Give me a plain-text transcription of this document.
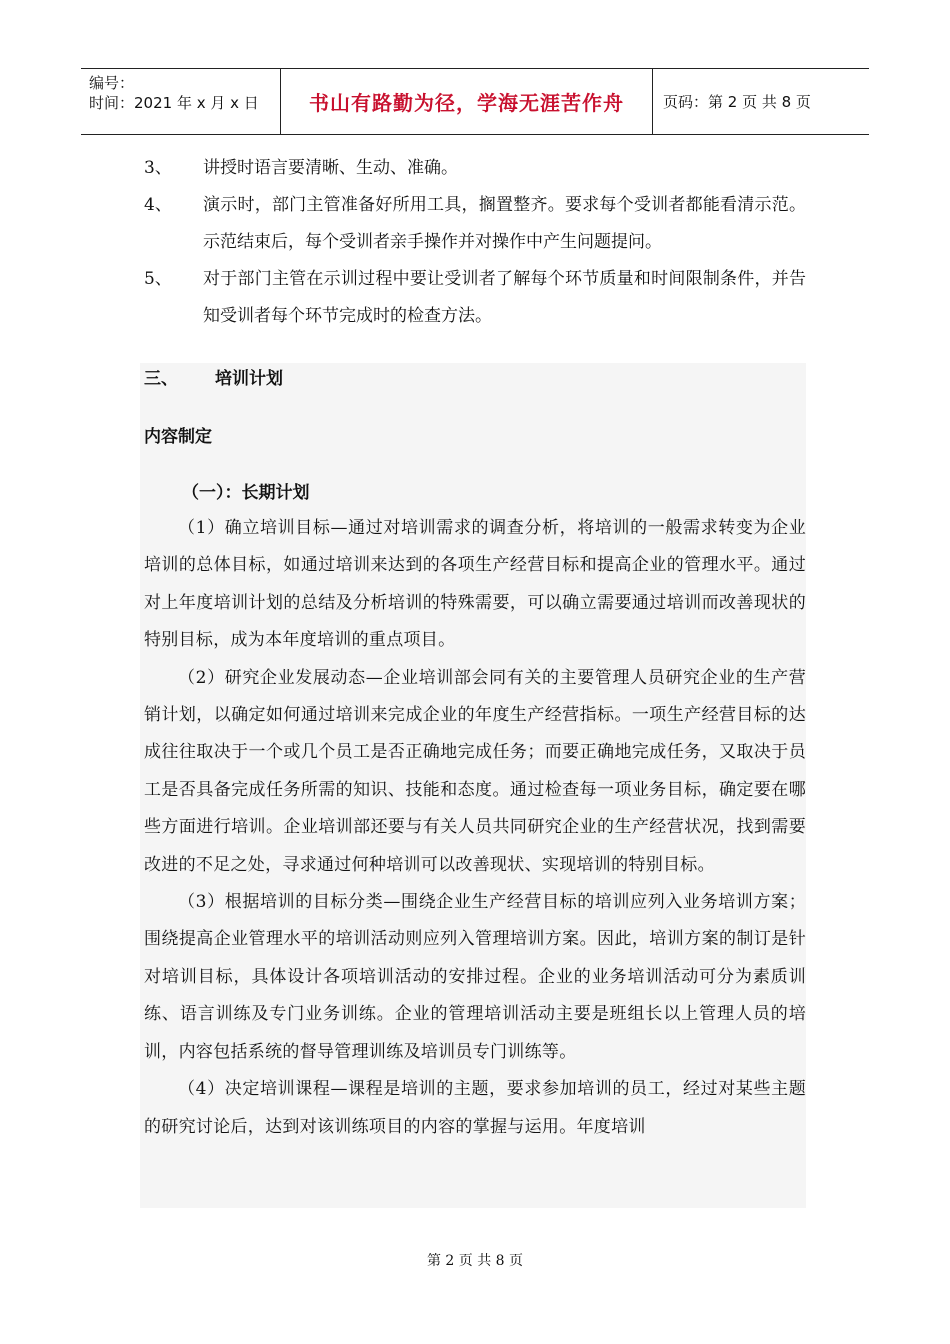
编号：
时间：2021 年 x 月 x 日	书山有路勤为径，学海无涯苦作舟	页码：第 2 页 共 8 页
3、	讲授时语言要清晰、生动、准确。
4、	演示时，部门主管准备好所用工具，搁置整齐。要求每个受训者都能看清示范。示范结束后，每个受训者亲手操作并对操作中产生问题提问。
5、	对于部门主管在示训过程中要让受训者了解每个环节质量和时间限制条件，并告知受训者每个环节完成时的检查方法。
三、 培训计划
内容制定
（一）：长期计划

（1）确立培训目标—通过对培训需求的调查分析，将培训的一般需求转变为企业培训的总体目标，如通过培训来达到的各项生产经营目标和提高企业的管理水平。通过对上年度培训计划的总结及分析培训的特殊需要，可以确立需要通过培训而改善现状的特别目标，成为本年度培训的重点项目。

（2）研究企业发展动态—企业培训部会同有关的主要管理人员研究企业的生产营销计划，以确定如何通过培训来完成企业的年度生产经营指标。一项生产经营目标的达成往往取决于一个或几个员工是否正确地完成任务；而要正确地完成任务，又取决于员工是否具备完成任务所需的知识、技能和态度。通过检查每一项业务目标，确定要在哪些方面进行培训。企业培训部还要与有关人员共同研究企业的生产经营状况，找到需要改进的不足之处，寻求通过何种培训可以改善现状、实现培训的特别目标。

（3）根据培训的目标分类—围绕企业生产经营目标的培训应列入业务培训方案；围绕提高企业管理水平的培训活动则应列入管理培训方案。因此，培训方案的制订是针对培训目标，具体设计各项培训活动的安排过程。企业的业务培训活动可分为素质训练、语言训练及专门业务训练。企业的管理培训活动主要是班组长以上管理人员的培训，内容包括系统的督导管理训练及培训员专门训练等。

（4）决定培训课程—课程是培训的主题，要求参加培训的员工，经过对某些主题的研究讨论后，达到对该训练项目的内容的掌握与运用。年度培训

第 2 页 共 8 页
